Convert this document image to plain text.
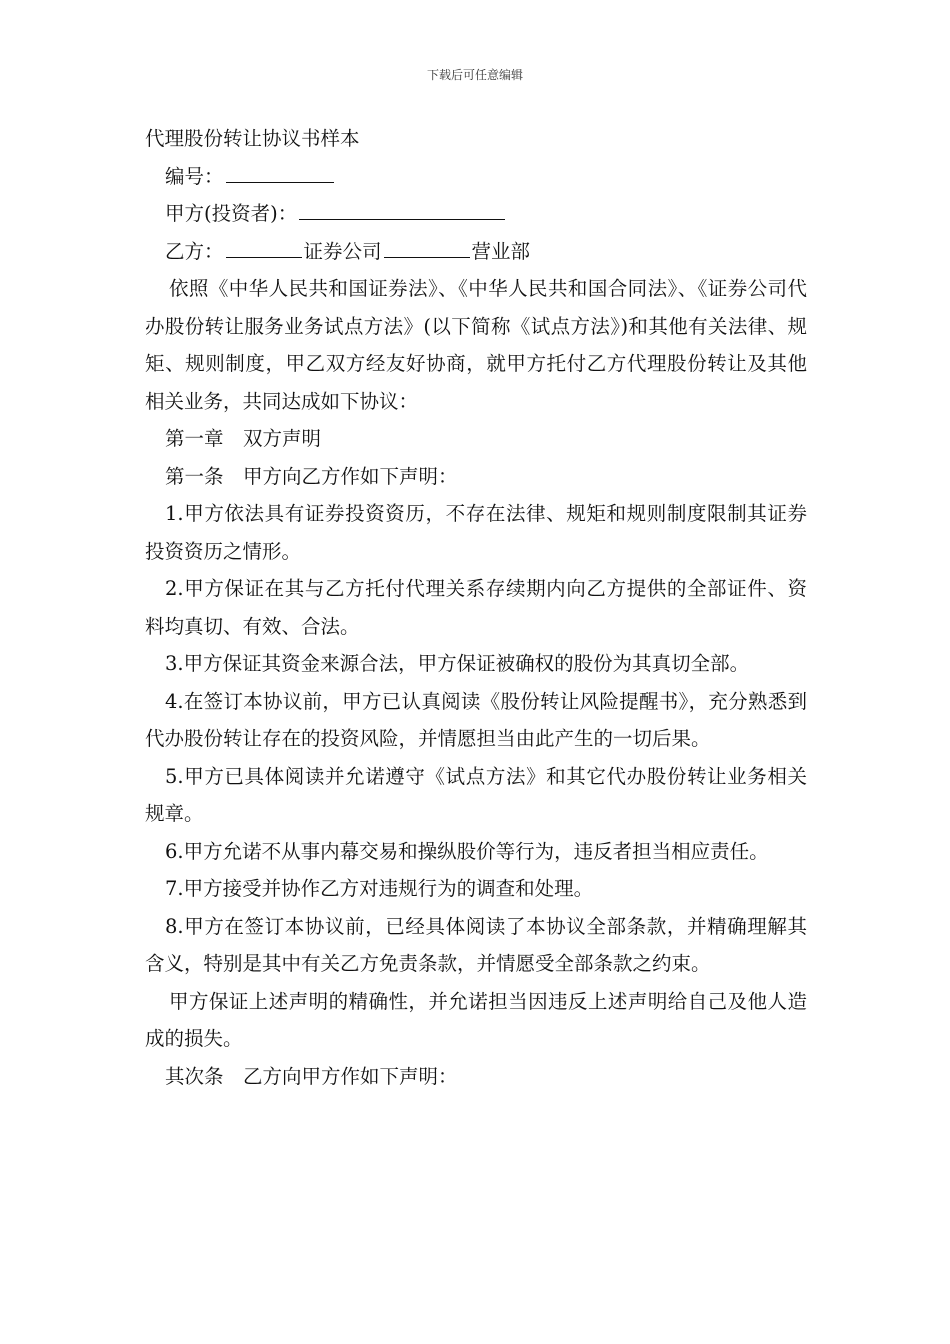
下载后可任意编辑

代理股份转让协议书样本

编号：

甲方(投资者)：

乙方：	证券公司	营业部

依照《中华人民共和国证券法》、《中华人民共和国合同法》、《证券公司代办股份转让服务业务试点方法》(以下简称《试点方法》)和其他有关法律、规矩、规则制度，甲乙双方经友好协商，就甲方托付乙方代理股份转让及其他相关业务，共同达成如下协议：

第一章　双方声明

第一条　甲方向乙方作如下声明：

1.甲方依法具有证券投资资历，不存在法律、规矩和规则制度限制其证券投资资历之情形。

2.甲方保证在其与乙方托付代理关系存续期内向乙方提供的全部证件、资料均真切、有效、合法。

3.甲方保证其资金来源合法，甲方保证被确权的股份为其真切全部。

4.在签订本协议前，甲方已认真阅读《股份转让风险提醒书》，充分熟悉到代办股份转让存在的投资风险，并情愿担当由此产生的一切后果。

5.甲方已具体阅读并允诺遵守《试点方法》和其它代办股份转让业务相关规章。

6.甲方允诺不从事内幕交易和操纵股价等行为，违反者担当相应责任。

7.甲方接受并协作乙方对违规行为的调查和处理。

8.甲方在签订本协议前，已经具体阅读了本协议全部条款，并精确理解其含义，特别是其中有关乙方免责条款，并情愿受全部条款之约束。

甲方保证上述声明的精确性，并允诺担当因违反上述声明给自己及他人造成的损失。

其次条　乙方向甲方作如下声明：
